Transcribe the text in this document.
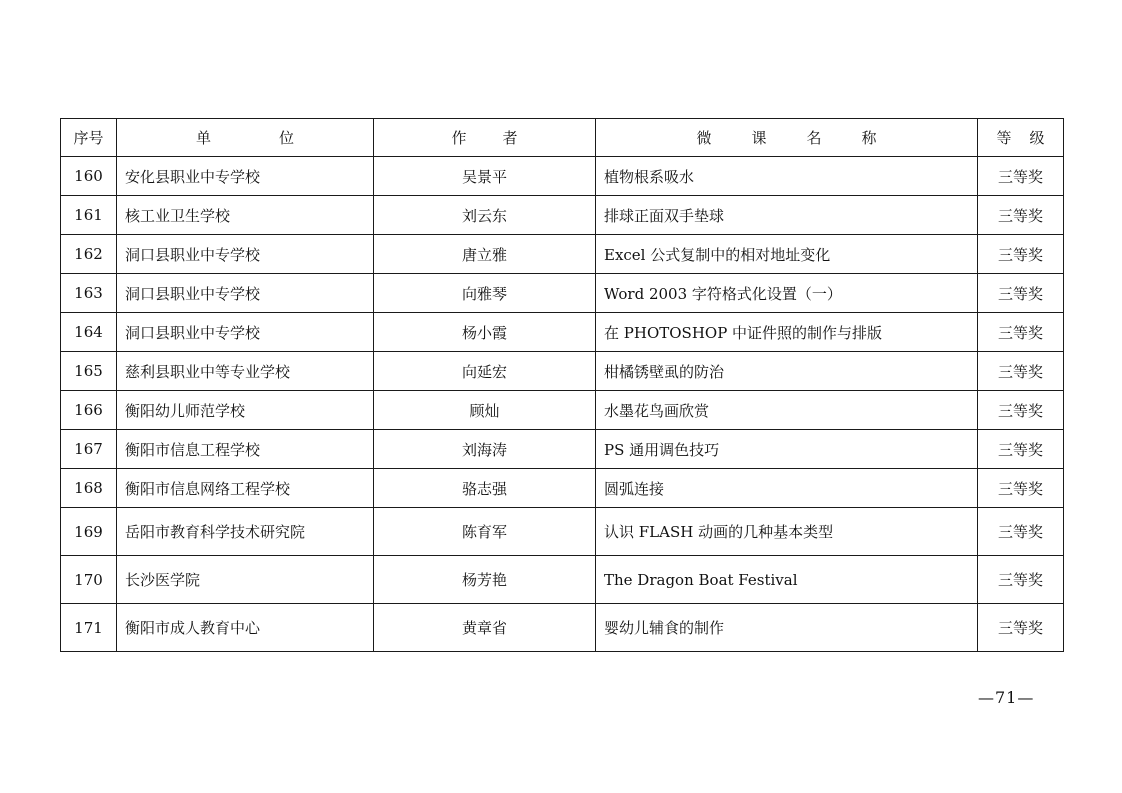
序号	单 位	作 者	微 课 名 称	等 级

160	安化县职业中专学校	吴景平	植物根系吸水	三等奖
161	核工业卫生学校	刘云东	排球正面双手垫球	三等奖
162	洞口县职业中专学校	唐立雅	Excel 公式复制中的相对地址变化	三等奖
163	洞口县职业中专学校	向雅琴	Word 2003 字符格式化设置（一）	三等奖
164	洞口县职业中专学校	杨小霞	在 PHOTOSHOP 中证件照的制作与排版	三等奖
165	慈利县职业中等专业学校	向延宏	柑橘锈壁虱的防治	三等奖
166	衡阳幼儿师范学校	顾灿	水墨花鸟画欣赏	三等奖
167	衡阳市信息工程学校	刘海涛	PS 通用调色技巧	三等奖
168	衡阳市信息网络工程学校	骆志强	圆弧连接	三等奖
169	岳阳市教育科学技术研究院	陈育军	认识 FLASH 动画的几种基本类型	三等奖
170	长沙医学院	杨芳艳	The Dragon Boat Festival	三等奖
171	衡阳市成人教育中心	黄章省	婴幼儿辅食的制作	三等奖
—71—
